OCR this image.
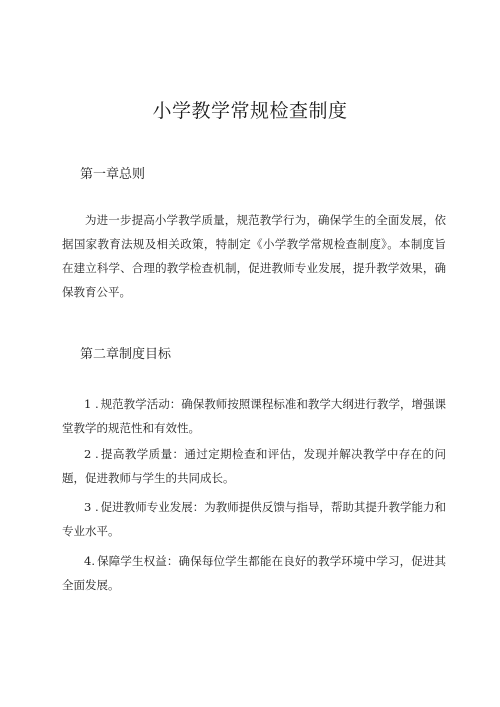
小学教学常规检查制度
第一章总则

为进一步提高小学教学质量，规范教学行为，确保学生的全面发展，依据国家教育法规及相关政策，特制定《小学教学常规检查制度》。本制度旨在建立科学、合理的教学检查机制，促进教师专业发展，提升教学效果，确保教育公平。

第二章制度目标

1 . 规范教学活动：确保教师按照课程标准和教学大纲进行教学，增强课堂教学的规范性和有效性。

2 . 提高教学质量：通过定期检查和评估，发现并解决教学中存在的问题，促进教师与学生的共同成长。

3 . 促进教师专业发展：为教师提供反馈与指导，帮助其提升教学能力和专业水平。

4. 保障学生权益：确保每位学生都能在良好的教学环境中学习，促进其全面发展。
